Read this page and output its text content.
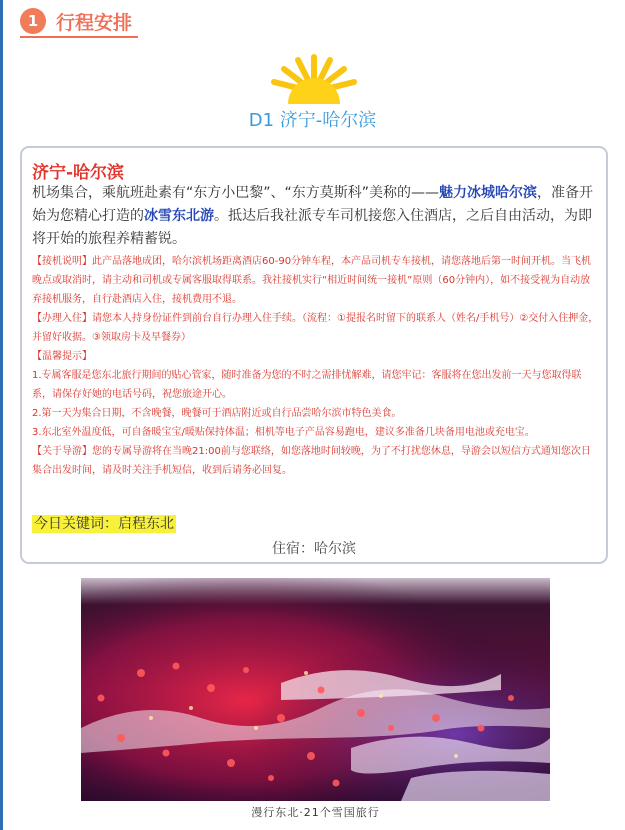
1 行程安排
D1 济宁-哈尔滨
济宁-哈尔滨

机场集合，乘航班赴素有“东方小巴黎”、“东方莫斯科”美称的——魅力冰城哈尔滨，准备开始为您精心打造的冰雪东北游。抵达后我社派专车司机接您入住酒店，之后自由活动，为即将开始的旅程养精蓄锐。

【接机说明】此产品落地成团，哈尔滨机场距离酒店60-90分钟车程，本产品司机专车接机，请您落地后第一时间开机。当飞机晚点或取消时，请主动和司机或专属客服取得联系。我社接机实行“相近时间统一接机”原则（60分钟内），如不接受视为自动放弃接机服务，自行赴酒店入住，接机费用不退。

【办理入住】请您本人持身份证件到前台自行办理入住手续。（流程：①提报名时留下的联系人（姓名/手机号）②交付入住押金，并留好收据。③领取房卡及早餐券）

【温馨提示】

1.专属客服是您东北旅行期间的贴心管家，随时准备为您的不时之需排忧解难，请您牢记：客服将在您出发前一天与您取得联系，请保存好她的电话号码，祝您旅途开心。

2.第一天为集合日期，不含晚餐，晚餐可于酒店附近或自行品尝哈尔滨市特色美食。

3.东北室外温度低，可自备暖宝宝/暖贴保持体温；相机等电子产品容易跑电，建议多准备几块备用电池或充电宝。

【关于导游】您的专属导游将在当晚21:00前与您联络，如您落地时间较晚，为了不打扰您休息，导游会以短信方式通知您次日集合出发时间，请及时关注手机短信，收到后请务必回复。

今日关键词：启程东北
住宿：哈尔滨
漫行东北·21个雪国旅行
